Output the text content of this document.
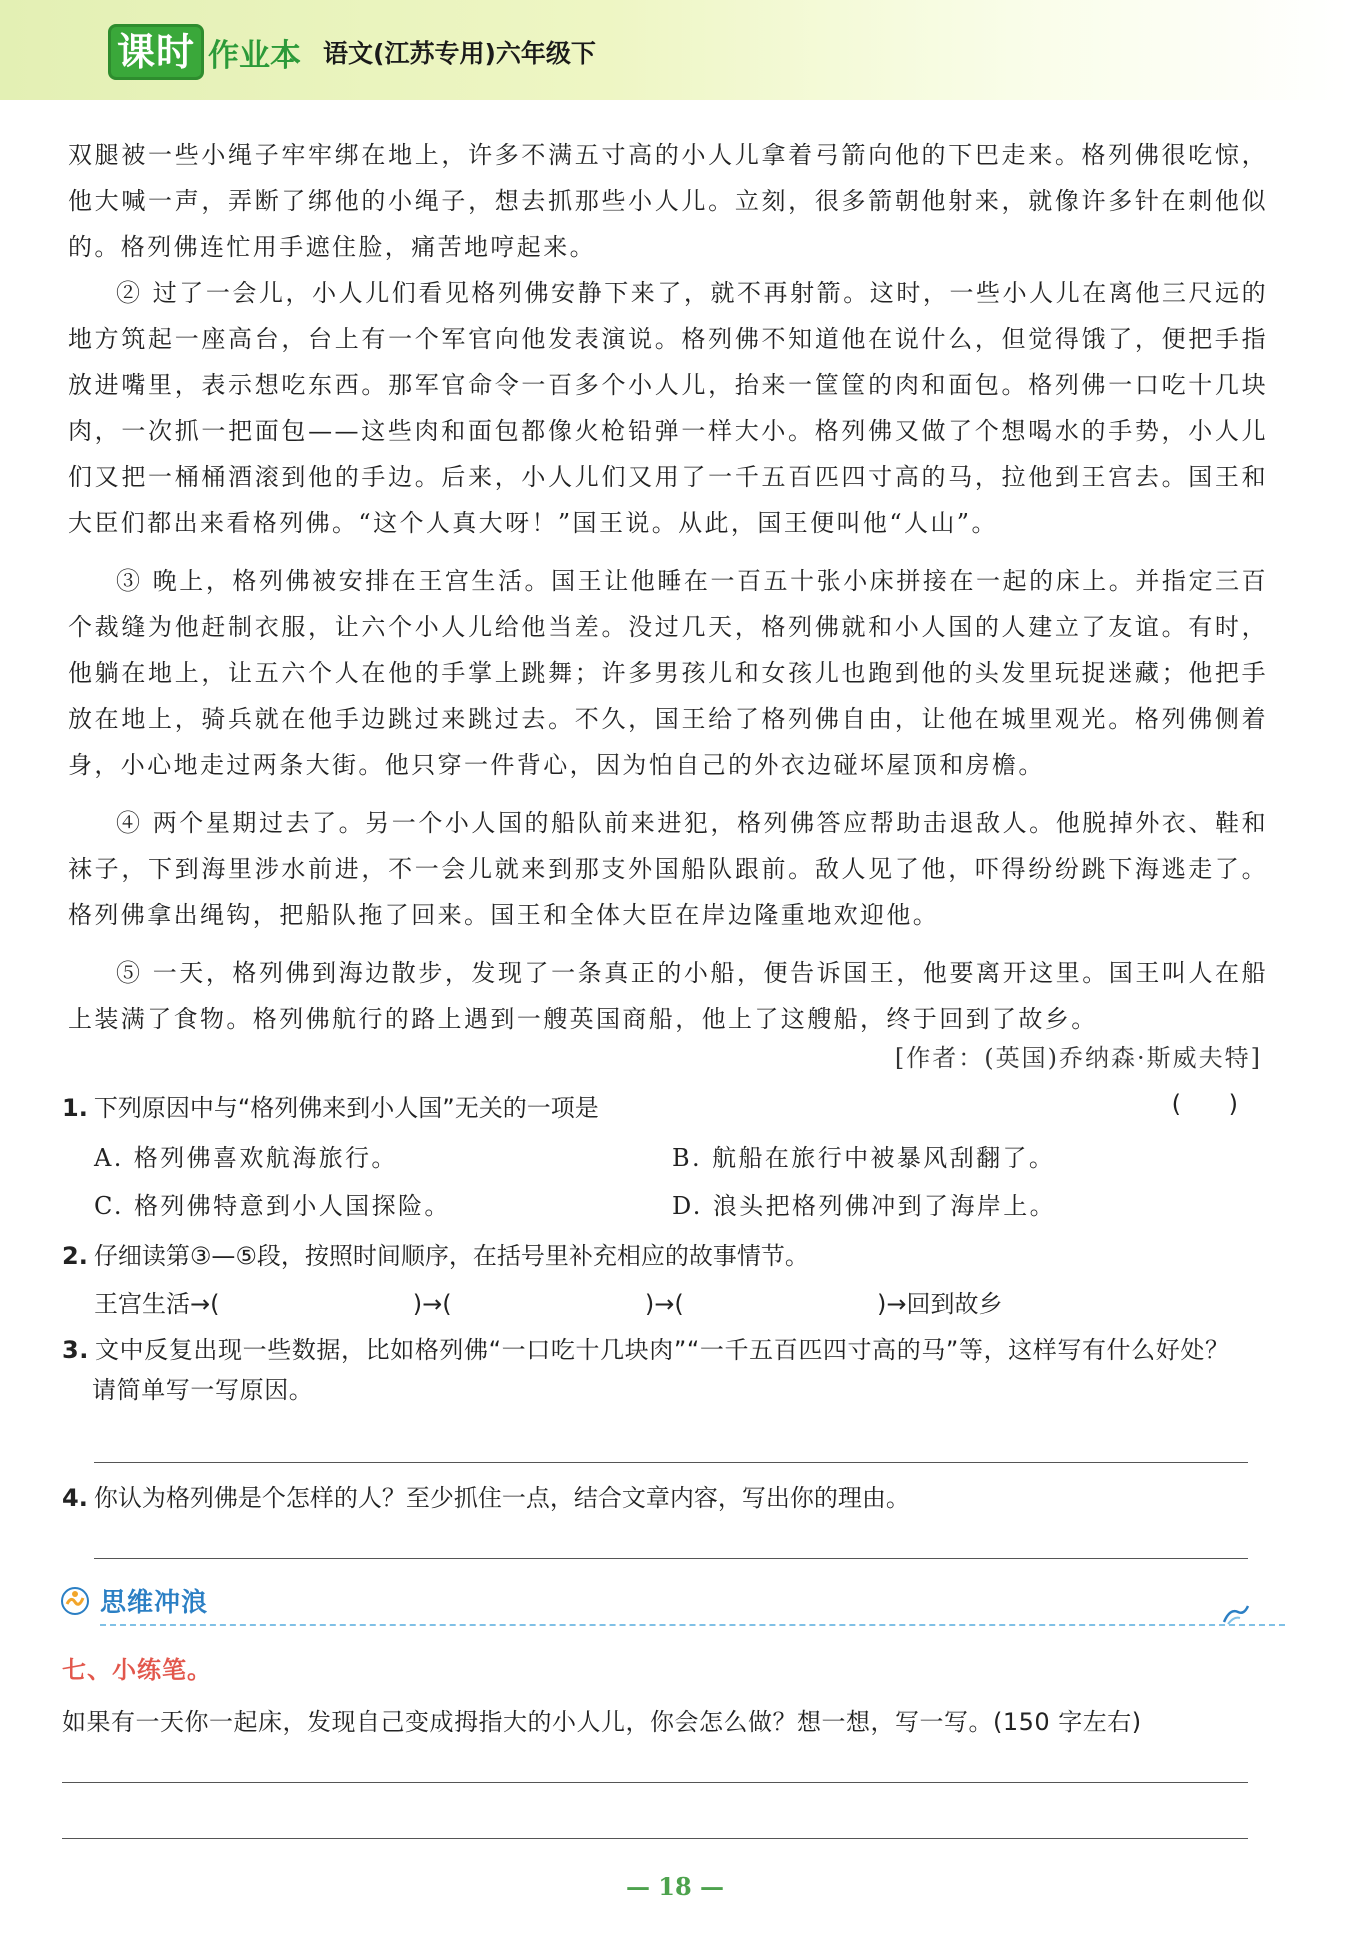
课时 作业本 语文(江苏专用)六年级下

双腿被一些小绳子牢牢绑在地上，许多不满五寸高的小人儿拿着弓箭向他的下巴走来。格列佛很吃惊，他大喊一声，弄断了绑他的小绳子，想去抓那些小人儿。立刻，很多箭朝他射来，就像许多针在刺他似的。格列佛连忙用手遮住脸，痛苦地哼起来。

② 过了一会儿，小人儿们看见格列佛安静下来了，就不再射箭。这时，一些小人儿在离他三尺远的地方筑起一座高台，台上有一个军官向他发表演说。格列佛不知道他在说什么，但觉得饿了，便把手指放进嘴里，表示想吃东西。那军官命令一百多个小人儿，抬来一筐筐的肉和面包。格列佛一口吃十几块肉，一次抓一把面包——这些肉和面包都像火枪铅弹一样大小。格列佛又做了个想喝水的手势，小人儿们又把一桶桶酒滚到他的手边。后来，小人儿们又用了一千五百匹四寸高的马，拉他到王宫去。国王和大臣们都出来看格列佛。“这个人真大呀！”国王说。从此，国王便叫他“人山”。

③ 晚上，格列佛被安排在王宫生活。国王让他睡在一百五十张小床拼接在一起的床上。并指定三百个裁缝为他赶制衣服，让六个小人儿给他当差。没过几天，格列佛就和小人国的人建立了友谊。有时，他躺在地上，让五六个人在他的手掌上跳舞；许多男孩儿和女孩儿也跑到他的头发里玩捉迷藏；他把手放在地上，骑兵就在他手边跳过来跳过去。不久，国王给了格列佛自由，让他在城里观光。格列佛侧着身，小心地走过两条大街。他只穿一件背心，因为怕自己的外衣边碰坏屋顶和房檐。

④ 两个星期过去了。另一个小人国的船队前来进犯，格列佛答应帮助击退敌人。他脱掉外衣、鞋和袜子，下到海里涉水前进，不一会儿就来到那支外国船队跟前。敌人见了他，吓得纷纷跳下海逃走了。格列佛拿出绳钩，把船队拖了回来。国王和全体大臣在岸边隆重地欢迎他。

⑤ 一天，格列佛到海边散步，发现了一条真正的小船，便告诉国王，他要离开这里。国王叫人在船上装满了食物。格列佛航行的路上遇到一艘英国商船，他上了这艘船，终于回到了故乡。

[作者：(英国)乔纳森·斯威夫特]
1. 下列原因中与“格列佛来到小人国”无关的一项是	( )
A. 格列佛喜欢航海旅行。	B. 航船在旅行中被暴风刮翻了。
C. 格列佛特意到小人国探险。	D. 浪头把格列佛冲到了海岸上。
2. 仔细读第③—⑤段，按照时间顺序，在括号里补充相应的故事情节。
王宫生活→(	)→(	)→(	)→回到故乡
3. 文中反复出现一些数据，比如格列佛“一口吃十几块肉”“一千五百匹四寸高的马”等，这样写有什么好处？请简单写一写原因。
4. 你认为格列佛是个怎样的人？至少抓住一点，结合文章内容，写出你的理由。
思维冲浪
七、小练笔。
如果有一天你一起床，发现自己变成拇指大的小人儿，你会怎么做？想一想，写一写。(150 字左右)
— 18 —
